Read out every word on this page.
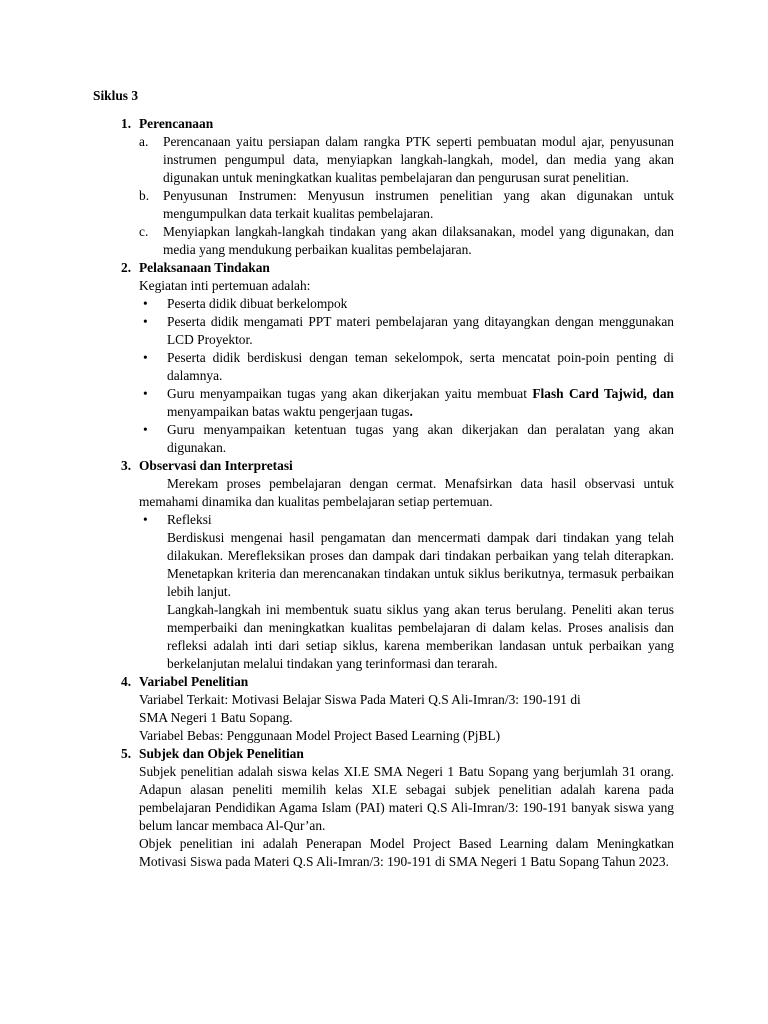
Siklus 3

1. Perencanaan
a.	Perencanaan yaitu persiapan dalam rangka PTK seperti pembuatan modul ajar, penyusunan instrumen pengumpul data, menyiapkan langkah-langkah, model, dan media yang akan digunakan untuk meningkatkan kualitas pembelajaran dan pengurusan surat penelitian.
b.	Penyusunan Instrumen: Menyusun instrumen penelitian yang akan digunakan untuk mengumpulkan data terkait kualitas pembelajaran.
c.	Menyiapkan langkah-langkah tindakan yang akan dilaksanakan, model yang digunakan, dan media yang mendukung perbaikan kualitas pembelajaran.
2. Pelaksanaan Tindakan

Kegiatan inti pertemuan adalah:

•	Peserta didik dibuat berkelompok
•	Peserta didik mengamati PPT materi pembelajaran yang ditayangkan dengan menggunakan LCD Proyektor.
•	Peserta didik berdiskusi dengan teman sekelompok, serta mencatat poin-poin penting di dalamnya.
•	Guru menyampaikan tugas yang akan dikerjakan yaitu membuat Flash Card Tajwid, dan menyampaikan batas waktu pengerjaan tugas.
•	Guru menyampaikan ketentuan tugas yang akan dikerjakan dan peralatan yang akan digunakan.
3. Observasi dan Interpretasi

Merekam proses pembelajaran dengan cermat. Menafsirkan data hasil observasi untuk memahami dinamika dan kualitas pembelajaran setiap pertemuan.

•	Refleksi

Berdiskusi mengenai hasil pengamatan dan mencermati dampak dari tindakan yang telah dilakukan. Merefleksikan proses dan dampak dari tindakan perbaikan yang telah diterapkan. Menetapkan kriteria dan merencanakan tindakan untuk siklus berikutnya, termasuk perbaikan lebih lanjut.

Langkah-langkah ini membentuk suatu siklus yang akan terus berulang. Peneliti akan terus memperbaiki dan meningkatkan kualitas pembelajaran di dalam kelas. Proses analisis dan refleksi adalah inti dari setiap siklus, karena memberikan landasan untuk perbaikan yang berkelanjutan melalui tindakan yang terinformasi dan terarah.

4. Variabel Penelitian
Variabel Terkait: Motivasi Belajar Siswa Pada Materi Q.S Ali-Imran/3: 190-191 di
SMA Negeri 1 Batu Sopang.
Variabel Bebas: Penggunaan Model Project Based Learning (PjBL)
5. Subjek dan Objek Penelitian

Subjek penelitian adalah siswa kelas XI.E SMA Negeri 1 Batu Sopang yang berjumlah 31 orang. Adapun alasan peneliti memilih kelas XI.E sebagai subjek penelitian adalah karena pada pembelajaran Pendidikan Agama Islam (PAI) materi Q.S Ali-Imran/3: 190-191 banyak siswa yang belum lancar membaca Al-Qur’an.

Objek penelitian ini adalah Penerapan Model Project Based Learning dalam Meningkatkan Motivasi Siswa pada Materi Q.S Ali-Imran/3: 190-191 di SMA Negeri 1 Batu Sopang Tahun 2023.
